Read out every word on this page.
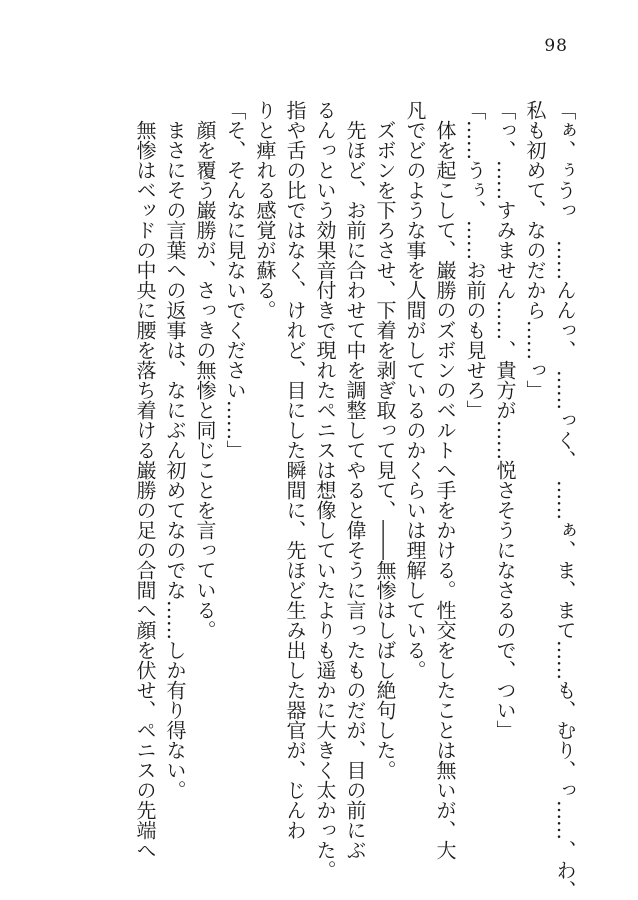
98
「ぁ、ぅうっ　……んんっ、　……っく、　……ぁ、ま、まて……も、むり、っ……、わ、
私も初めて、なのだから……っ」
「っ、……すみません……、貴方が……悦さそうになさるので、つい」
「……うぅ、……お前のも見せろ」
　体を起こして、巌勝のズボンのベルトへ手をかける。性交をしたことは無いが、大
凡でどのような事を人間がしているのかくらいは理解している。
　ズボンを下ろさせ、下着を剥ぎ取って見て、――無惨はしばし絶句した。
　先ほど、お前に合わせて中を調整してやると偉そうに言ったものだが、目の前にぶ
るんっという効果音付きで現れたペニスは想像していたよりも遥かに大きく太かった。
指や舌の比ではなく、けれど、目にした瞬間に、先ほど生み出した器官が、じんわ
りと痺れる感覚が蘇る。
「そ、そんなに見ないでください……」
　顔を覆う巌勝が、さっきの無惨と同じことを言っている。
　まさにその言葉への返事は、なにぶん初めてなのでな……しか有り得ない。
　無惨はベッドの中央に腰を落ち着ける巌勝の足の合間へ顔を伏せ、ペニスの先端へ
